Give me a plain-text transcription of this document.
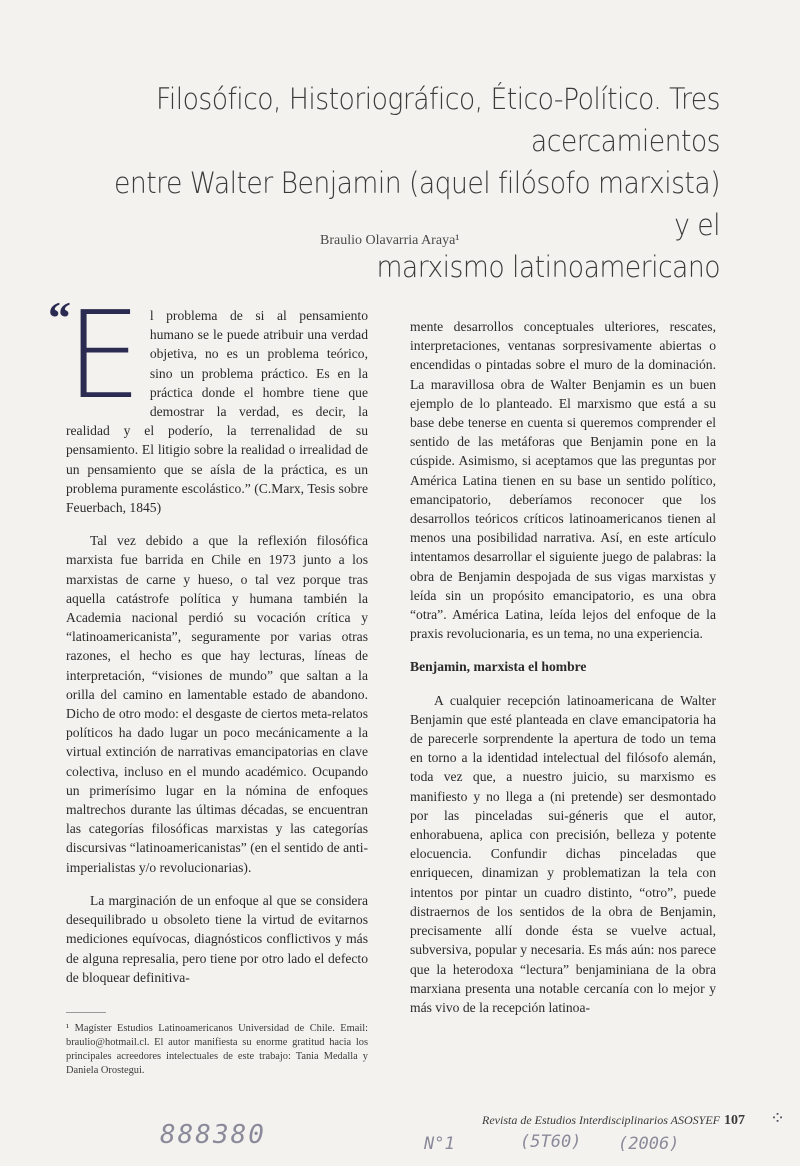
Filosófico, Historiográfico, Ético-Político. Tres acercamientos
entre Walter Benjamin (aquel filósofo marxista) y el
marxismo latinoamericano
Braulio Olavarria Araya¹
“

El problema de si al pensamiento humano se le puede atribuir una verdad objetiva, no es un problema teórico, sino un problema práctico. Es en la práctica donde el hombre tiene que demostrar la verdad, es decir, la realidad y el poderío, la terrenalidad de su pensamiento. El litigio sobre la realidad o irrealidad de un pensamiento que se aísla de la práctica, es un problema puramente escolástico.” (C.Marx, Tesis sobre Feuerbach, 1845)

Tal vez debido a que la reflexión filosófica marxista fue barrida en Chile en 1973 junto a los marxistas de carne y hueso, o tal vez porque tras aquella catástrofe política y humana también la Academia nacional perdió su vocación crítica y “latinoamericanista”, seguramente por varias otras razones, el hecho es que hay lecturas, líneas de interpretación, “visiones de mundo” que saltan a la orilla del camino en lamentable estado de abandono. Dicho de otro modo: el desgaste de ciertos meta-relatos políticos ha dado lugar un poco mecánicamente a la virtual extinción de narrativas emancipatorias en clave colectiva, incluso en el mundo académico. Ocupando un primerísimo lugar en la nómina de enfoques maltrechos durante las últimas décadas, se encuentran las categorías filosóficas marxistas y las categorías discursivas “latinoamericanistas” (en el sentido de anti-imperialistas y/o revolucionarias).

La marginación de un enfoque al que se considera desequilibrado u obsoleto tiene la virtud de evitarnos mediciones equívocas, diagnósticos conflictivos y más de alguna represalia, pero tiene por otro lado el defecto de bloquear definitiva-

mente desarrollos conceptuales ulteriores, rescates, interpretaciones, ventanas sorpresivamente abiertas o encendidas o pintadas sobre el muro de la dominación. La maravillosa obra de Walter Benjamin es un buen ejemplo de lo planteado. El marxismo que está a su base debe tenerse en cuenta si queremos comprender el sentido de las metáforas que Benjamin pone en la cúspide. Asimismo, si aceptamos que las preguntas por América Latina tienen en su base un sentido político, emancipatorio, deberíamos reconocer que los desarrollos teóricos críticos latinoamericanos tienen al menos una posibilidad narrativa. Así, en este artículo intentamos desarrollar el siguiente juego de palabras: la obra de Benjamin despojada de sus vigas marxistas y leída sin un propósito emancipatorio, es una obra “otra”. América Latina, leída lejos del enfoque de la praxis revolucionaria, es un tema, no una experiencia.

Benjamin, marxista el hombre

A cualquier recepción latinoamericana de Walter Benjamin que esté planteada en clave emancipatoria ha de parecerle sorprendente la apertura de todo un tema en torno a la identidad intelectual del filósofo alemán, toda vez que, a nuestro juicio, su marxismo es manifiesto y no llega a (ni pretende) ser desmontado por las pinceladas sui-géneris que el autor, enhorabuena, aplica con precisión, belleza y potente elocuencia. Confundir dichas pinceladas que enriquecen, dinamizan y problematizan la tela con intentos por pintar un cuadro distinto, “otro”, puede distraernos de los sentidos de la obra de Benjamin, precisamente allí donde ésta se vuelve actual, subversiva, popular y necesaria. Es más aún: nos parece que la heterodoxa “lectura” benjaminiana de la obra marxiana presenta una notable cercanía con lo mejor y más vivo de la recepción latinoa-

¹ Magíster Estudios Latinoamericanos Universidad de Chile. Email: braulio@hotmail.cl. El autor manifiesta su enorme gratitud hacia los principales acreedores intelectuales de este trabajo: Tania Medalla y Daniela Orostegui.
Revista de Estudios Interdisciplinarios ASOSYEF 107	⁘
888380	N°1	(5T60) (2006)
